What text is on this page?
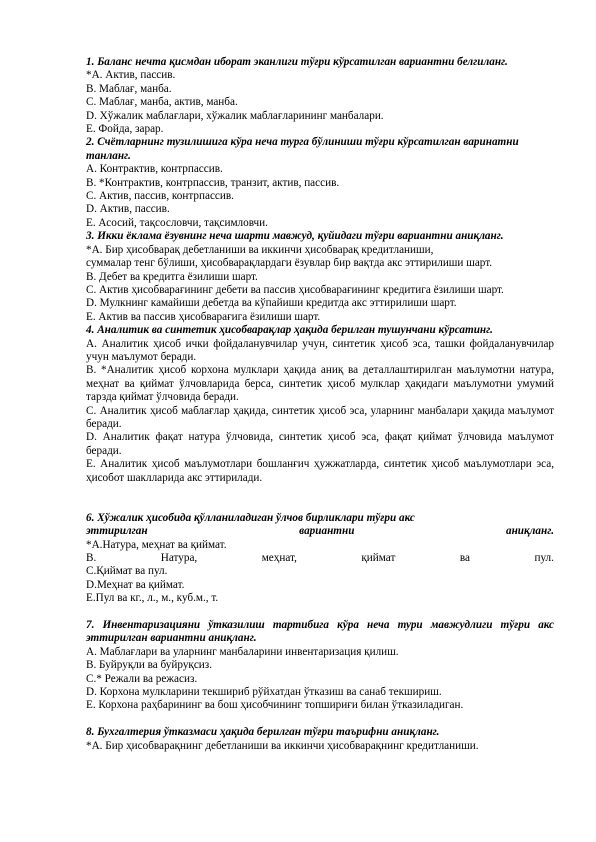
1. Баланс нечта қисмдан иборат эканлиги тўғри кўрсатилган вариантни белгиланг.
*А. Актив, пассив.
B. Маблағ, манба.
C. Маблағ, манба, актив, манба.
D. Хўжалик маблағлари, хўжалик маблағларининг манбалари.
E. Фойда, зарар.
2. Счётларнинг тузилишига кўра неча турга бўлиниши тўғри кўрсатилган варинатни танланг.
A. Контрактив, контрпассив.
B. *Контрактив, контрпассив, транзит, актив, пассив.
C. Актив, пассив, контрпассив.
D. Актив, пассив.
E. Асосий, тақсословчи, тақсимловчи.
3. Икки ёклама ёзувнинг неча шарти мавжуд, қуйидаги тўғри вариантни аниқланг.
*А. Бир ҳисобварақ дебетланиши ва иккинчи ҳисобварақ кредитланиши,
суммалар тенг бўлиши, ҳисобварақлардаги ёзувлар бир вақтда акс эттирилиши шарт.
B. Дебет ва кредитга ёзилиши шарт.
C. Актив ҳисобварағининг дебети ва пассив ҳисобварағининг кредитига ёзилиши шарт.
D. Мулкнинг камайиши дебетда ва кўпайиши кредитда акс эттирилиши шарт.
E. Актив ва пассив ҳисобварағига ёзилиши шарт.
4. Аналитик ва синтетик ҳисобварақлар ҳақида берилган тушунчани кўрсатинг.
A. Аналитик ҳисоб ички фойдаланувчилар учун, синтетик ҳисоб эса, ташки фойдаланувчилар учун маълумот беради.
B. *Аналитик ҳисоб корхона мулклари ҳақида аниқ ва деталлаштирилган маълумотни натура, меҳнат ва қиймат ўлчовларида берса, синтетик ҳисоб мулклар ҳақидаги маълумотни умумий тарзда қиймат ўлчовида беради.
C. Аналитик ҳисоб маблағлар ҳақида, синтетик ҳисоб эса, уларнинг манбалари ҳақида маълумот беради.
D. Аналитик фақат натура ўлчовида, синтетик ҳисоб эса, фақат қиймат ўлчовида маълумот беради.
E. Аналитик ҳисоб маълумотлари бошланғич ҳужжатларда, синтетик ҳисоб маълумотлари эса, ҳисобот шаклларида акс эттирилади.
6. Хўжалик ҳисобида қўлланиладиган ўлчов бирликлари тўғри акс
эттирилган	вариантни	аниқланг.
*А.Натура, меҳнат ва қиймат.
B.	Натура,	меҳнат,	қиймат	ва	пул.
C.Қиймат ва пул.
D.Меҳнат ва қиймат.
E.Пул ва кг., л., м., куб.м., т.
7. Инвентаризацияни ўтказилиш тартибига кўра неча тури мавжудлиги тўғри акс эттирилган вариантни аниқланг.
A. Маблағлари ва уларнинг манбаларини инвентаризация қилиш.
B. Буйруқли ва буйруқсиз.
C.* Режали ва режасиз.
D. Корхона мулкларини текшириб рўйхатдан ўтказиш ва санаб текшириш.
E. Корхона раҳбарининг ва бош ҳисобчининг топшириғи билан ўтказиладиган.
8. Бухгалтерия ўтказмаси ҳақида берилган тўғри таърифни аниқланг.
*А. Бир ҳисобварақнинг дебетланиши ва иккинчи ҳисобварақнинг кредитланиши.
